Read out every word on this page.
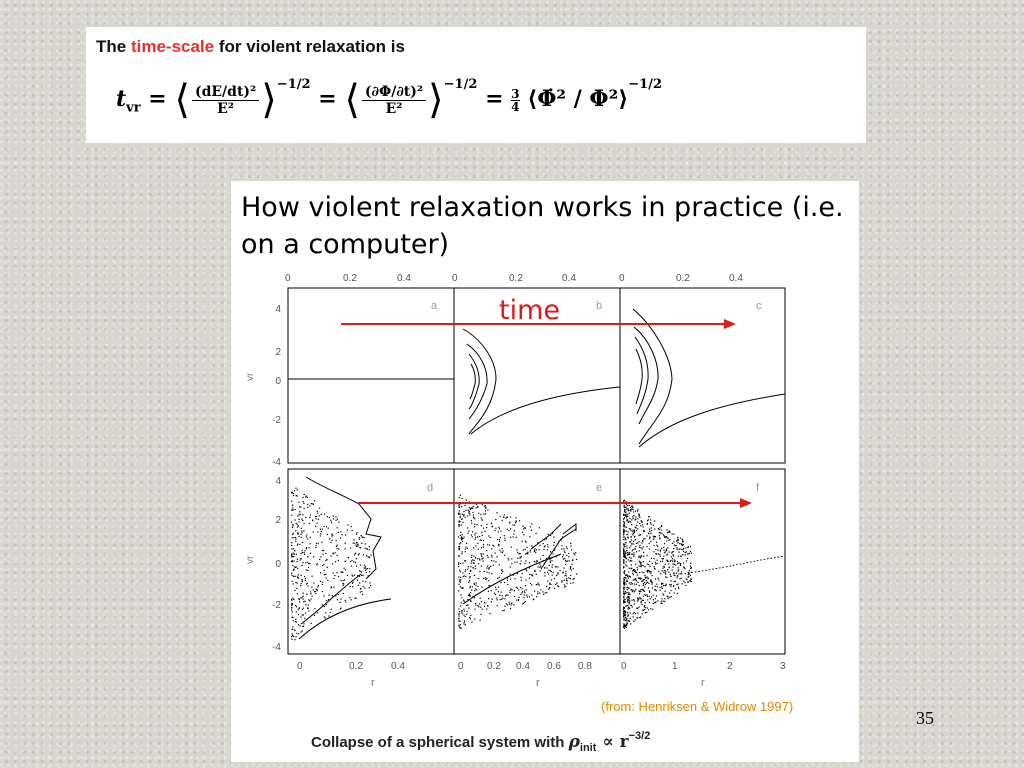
The time-scale for violent relaxation is
$t_{vr}$ = ⟨ $\frac{\text{(dE/dt)²}}{\text{E²}}$ ⟩$^{-1/2}$ = ⟨ $\frac{\text{(∂Φ/∂t)²}}{\text{E²}}$ ⟩$^{-1/2}$ = $\frac{3}{4}$ ⟨Φ̇² / Φ²⟩$^{-1/2}$
How violent relaxation works in practice (i.e. on a computer)
a	b	c
d	e	f
0	0.2	0.4	0	0.2	0.4	0	0.2	0.4
4
2
0
-2
-4
4
2
0
-2
-4
vr
vr
0	0.2	0.4	0 0.2 0.4 0.6 0.8	0	1	2	3
r	r	r
time
(from: Henriksen & Widrow 1997)
Collapse of a spherical system with $\rho_{init} \propto r^{-3/2}$
35
